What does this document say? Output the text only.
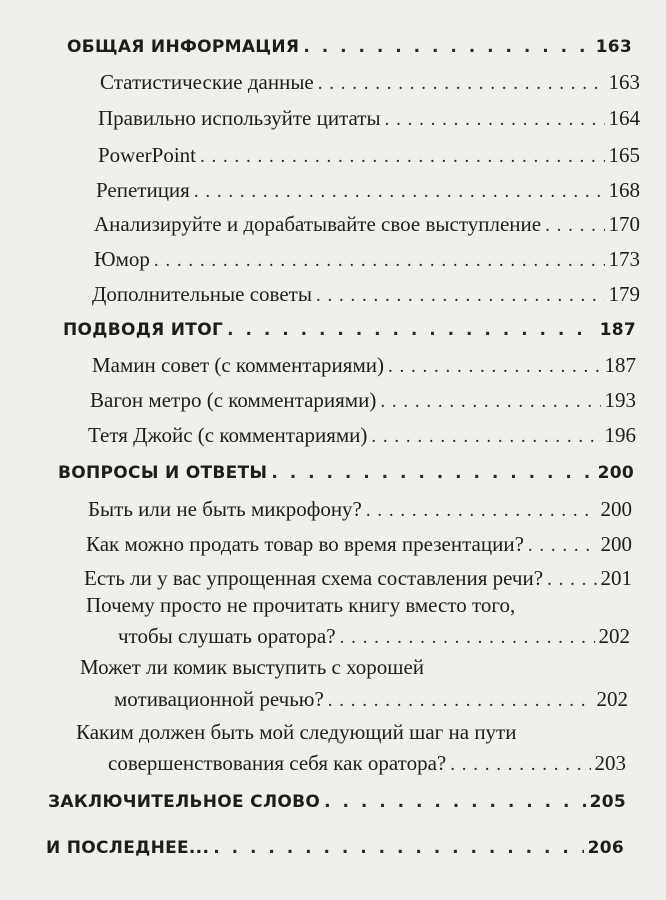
ОБЩАЯ ИНФОРМАЦИЯ . . .	163
Статистические данные . . .	163
Правильно используйте цитаты . . .	164
PowerPoint . . .	165
Репетиция . . .	168
Анализируйте и дорабатывайте свое выступление . . .	170
Юмор . . .	173
Дополнительные советы . . .	179
ПОДВОДЯ ИТОГ . . .	187
Мамин совет (с комментариями) . . .	187
Вагон метро (с комментариями) . . .	193
Тетя Джойс (с комментариями) . . .	196
ВОПРОСЫ И ОТВЕТЫ . . .	200
Быть или не быть микрофону? . . .	200
Как можно продать товар во время презентации? . . .	200
Есть ли у вас упрощенная схема составления речи? . . .	201
Почему просто не прочитать книгу вместо того,
чтобы слушать оратора? . . .	202
Может ли комик выступить с хорошей
мотивационной речью? . . .	202
Каким должен быть мой следующий шаг на пути
совершенствования себя как оратора? . . .	203
ЗАКЛЮЧИТЕЛЬНОЕ СЛОВО . . .	205
И ПОСЛЕДНЕЕ... . . .	206
